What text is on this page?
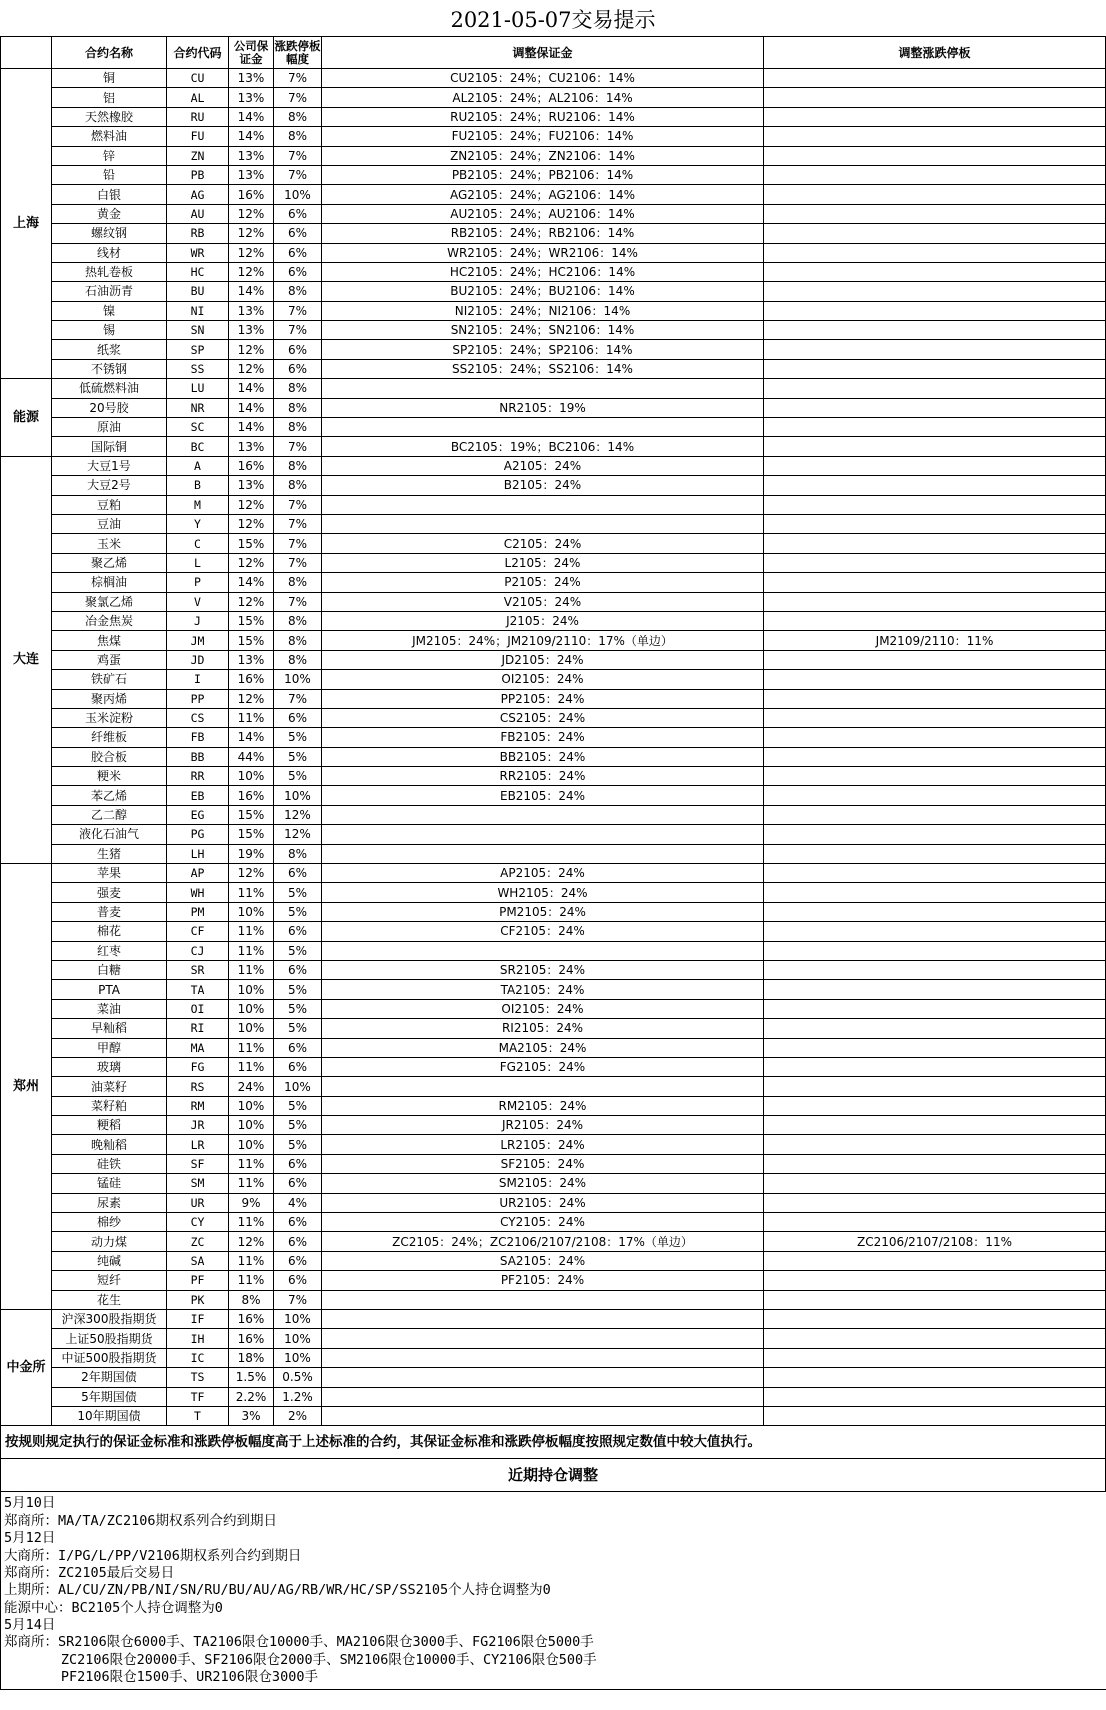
2021-05-07交易提示
	合约名称	合约代码	公司保证金	涨跌停板幅度	调整保证金	调整涨跌停板
上海	铜	CU	13%	7%	CU2105：24%；CU2106：14%	
	铝	AL	13%	7%	AL2105：24%；AL2106：14%	
	天然橡胶	RU	14%	8%	RU2105：24%；RU2106：14%	
	燃料油	FU	14%	8%	FU2105：24%；FU2106：14%	
	锌	ZN	13%	7%	ZN2105：24%；ZN2106：14%	
	铅	PB	13%	7%	PB2105：24%；PB2106：14%	
	白银	AG	16%	10%	AG2105：24%；AG2106：14%	
	黄金	AU	12%	6%	AU2105：24%；AU2106：14%	
	螺纹钢	RB	12%	6%	RB2105：24%；RB2106：14%	
	线材	WR	12%	6%	WR2105：24%；WR2106：14%	
	热轧卷板	HC	12%	6%	HC2105：24%；HC2106：14%	
	石油沥青	BU	14%	8%	BU2105：24%；BU2106：14%	
	镍	NI	13%	7%	NI2105：24%；NI2106：14%	
	锡	SN	13%	7%	SN2105：24%；SN2106：14%	
	纸浆	SP	12%	6%	SP2105：24%；SP2106：14%	
	不锈钢	SS	12%	6%	SS2105：24%；SS2106：14%	
能源	低硫燃料油	LU	14%	8%		
	20号胶	NR	14%	8%	NR2105：19%	
	原油	SC	14%	8%		
	国际铜	BC	13%	7%	BC2105：19%；BC2106：14%	
大连	大豆1号	A	16%	8%	A2105：24%	
	大豆2号	B	13%	8%	B2105：24%	
	豆粕	M	12%	7%		
	豆油	Y	12%	7%		
	玉米	C	15%	7%	C2105：24%	
	聚乙烯	L	12%	7%	L2105：24%	
	棕榈油	P	14%	8%	P2105：24%	
	聚氯乙烯	V	12%	7%	V2105：24%	
	冶金焦炭	J	15%	8%	J2105：24%	
	焦煤	JM	15%	8%	JM2105：24%；JM2109/2110：17%（单边）	JM2109/2110：11%
	鸡蛋	JD	13%	8%	JD2105：24%	
	铁矿石	I	16%	10%	OI2105：24%	
	聚丙烯	PP	12%	7%	PP2105：24%	
	玉米淀粉	CS	11%	6%	CS2105：24%	
	纤维板	FB	14%	5%	FB2105：24%	
	胶合板	BB	44%	5%	BB2105：24%	
	粳米	RR	10%	5%	RR2105：24%	
	苯乙烯	EB	16%	10%	EB2105：24%	
	乙二醇	EG	15%	12%		
	液化石油气	PG	15%	12%		
	生猪	LH	19%	8%		
郑州	苹果	AP	12%	6%	AP2105：24%	
	强麦	WH	11%	5%	WH2105：24%	
	普麦	PM	10%	5%	PM2105：24%	
	棉花	CF	11%	6%	CF2105：24%	
	红枣	CJ	11%	5%		
	白糖	SR	11%	6%	SR2105：24%	
	PTA	TA	10%	5%	TA2105：24%	
	菜油	OI	10%	5%	OI2105：24%	
	早籼稻	RI	10%	5%	RI2105：24%	
	甲醇	MA	11%	6%	MA2105：24%	
	玻璃	FG	11%	6%	FG2105：24%	
	油菜籽	RS	24%	10%		
	菜籽粕	RM	10%	5%	RM2105：24%	
	粳稻	JR	10%	5%	JR2105：24%	
	晚籼稻	LR	10%	5%	LR2105：24%	
	硅铁	SF	11%	6%	SF2105：24%	
	锰硅	SM	11%	6%	SM2105：24%	
	尿素	UR	9%	4%	UR2105：24%	
	棉纱	CY	11%	6%	CY2105：24%	
	动力煤	ZC	12%	6%	ZC2105：24%；ZC2106/2107/2108：17%（单边）	ZC2106/2107/2108：11%
	纯碱	SA	11%	6%	SA2105：24%	
	短纤	PF	11%	6%	PF2105：24%	
	花生	PK	8%	7%		
中金所	沪深300股指期货	IF	16%	10%		
	上证50股指期货	IH	16%	10%		
	中证500股指期货	IC	18%	10%		
	2年期国债	TS	1.5%	0.5%		
	5年期国债	TF	2.2%	1.2%		
	10年期国债	T	3%	2%		
按规则规定执行的保证金标准和涨跌停板幅度高于上述标准的合约，其保证金标准和涨跌停板幅度按照规定数值中较大值执行。						
近期持仓调整						
5月10日
郑商所：MA/TA/ZC2106期权系列合约到期日
5月12日
大商所：I/PG/L/PP/V2106期权系列合约到期日
郑商所：ZC2105最后交易日
上期所：AL/CU/ZN/PB/NI/SN/RU/BU/AU/AG/RB/WR/HC/SP/SS2105个人持仓调整为0
能源中心：BC2105个人持仓调整为0
5月14日
郑商所：SR2106限仓6000手、TA2106限仓10000手、MA2106限仓3000手、FG2106限仓5000手
ZC2106限仓20000手、SF2106限仓2000手、SM2106限仓10000手、CY2106限仓500手
PF2106限仓1500手、UR2106限仓3000手
